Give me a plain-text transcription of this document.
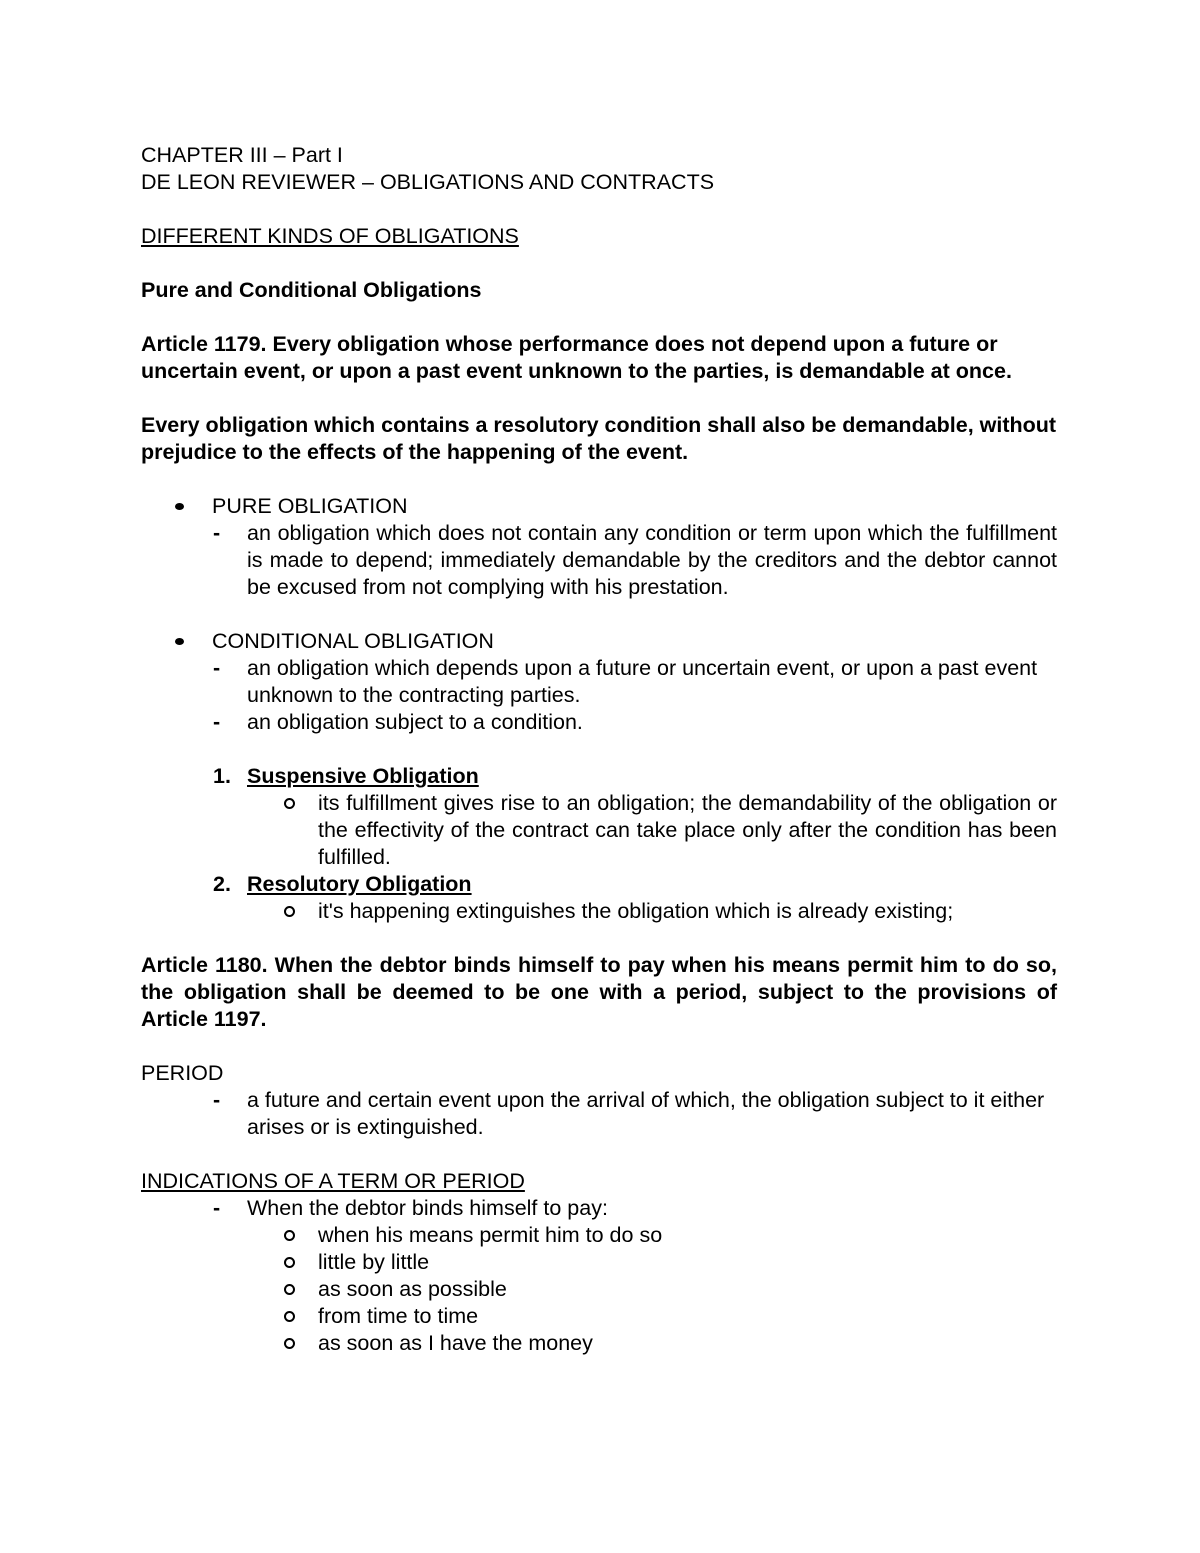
CHAPTER III – Part I

DE LEON REVIEWER – OBLIGATIONS AND CONTRACTS

DIFFERENT KINDS OF OBLIGATIONS

Pure and Conditional Obligations

Article 1179. Every obligation whose performance does not depend upon a future or uncertain event, or upon a past event unknown to the parties, is demandable at once.

Every obligation which contains a resolutory condition shall also be demandable, without prejudice to the effects of the happening of the event.

PURE OBLIGATION
- an obligation which does not contain any condition or term upon which the fulfillment is made to depend; immediately demandable by the creditors and the debtor cannot be excused from not complying with his prestation.
CONDITIONAL OBLIGATION
- an obligation which depends upon a future or uncertain event, or upon a past event unknown to the contracting parties.
- an obligation subject to a condition.
1. Suspensive Obligation
its fulfillment gives rise to an obligation; the demandability of the obligation or the effectivity of the contract can take place only after the condition has been fulfilled.
2. Resolutory Obligation
it's happening extinguishes the obligation which is already existing;

Article 1180. When the debtor binds himself to pay when his means permit him to do so, the obligation shall be deemed to be one with a period, subject to the provisions of Article 1197.

PERIOD

- a future and certain event upon the arrival of which, the obligation subject to it either arises or is extinguished.

INDICATIONS OF A TERM OR PERIOD

- When the debtor binds himself to pay:
when his means permit him to do so
little by little
as soon as possible
from time to time
as soon as I have the money
